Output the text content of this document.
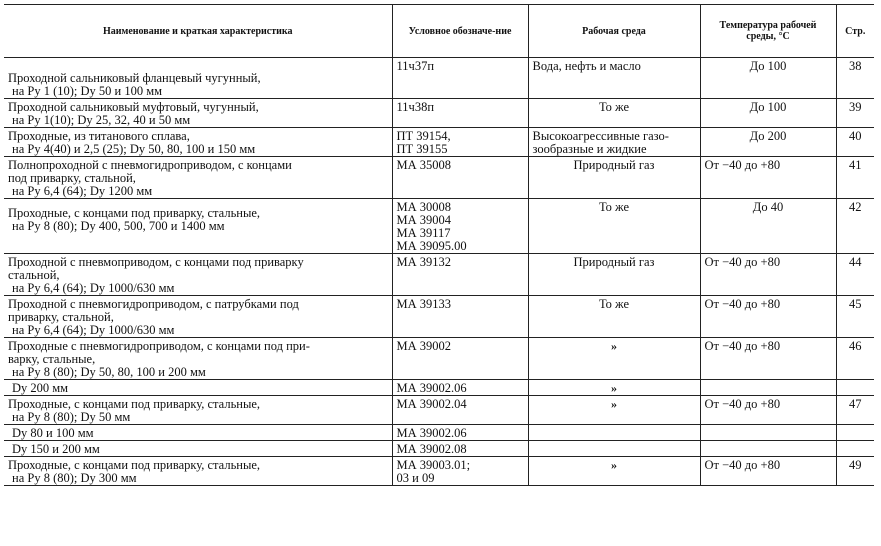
Наименование и краткая характеристика	Условное обозначе-ние	Рабочая среда	Температура рабочей среды, °С	Стр.

Проходной сальниковый фланцевый чугунный,
на Pу 1 (10); Dу 50 и 100 мм	11ч37п	Вода, нефть и масло	До 100	38

Проходной сальниковый муфтовый, чугунный,
на Pу 1(10); Dу 25, 32, 40 и 50 мм	11ч38п	То же	До 100	39

Проходные, из титанового сплава,
на Pу 4(40) и 2,5 (25); Dу 50, 80, 100 и 150 мм	ПТ 39154,
ПТ 39155	Высокоагрессивные газо-
зообразные и жидкие	До 200	40

Полнопроходной с пневмогидроприводом, с концами
под приварку, стальной,
на Pу 6,4 (64); Dу 1200 мм	МА 35008	Природный газ	От −40 до +80	41

Проходные, с концами под приварку, стальные,
на Pу 8 (80); Dу 400, 500, 700 и 1400 мм	МА 30008
МА 39004
МА 39117
МА 39095.00	То же	До 40	42

Проходной с пневмоприводом, с концами под приварку
стальной,
на Pу 6,4 (64); Dу 1000/630 мм	МА 39132	Природный газ	От −40 до +80	44

Проходной с пневмогидроприводом, с патрубками под
приварку, стальной,
на Pу 6,4 (64); Dу 1000/630 мм	МА 39133	То же	От −40 до +80	45

Проходные с пневмогидроприводом, с концами под при-
варку, стальные,
на Pу 8 (80); Dу 50, 80, 100 и 200 мм	МА 39002	»	От −40 до +80	46

Dу 200 мм	МА 39002.06	»		

Проходные, с концами под приварку, стальные,
на Pу 8 (80); Dу 50 мм	МА 39002.04	»	От −40 до +80	47

Dу 80 и 100 мм	МА 39002.06			

Dу 150 и 200 мм	МА 39002.08			

Проходные, с концами под приварку, стальные,
на Pу 8 (80); Dу 300 мм	МА 39003.01;
03 и 09	»	От −40 до +80	49
